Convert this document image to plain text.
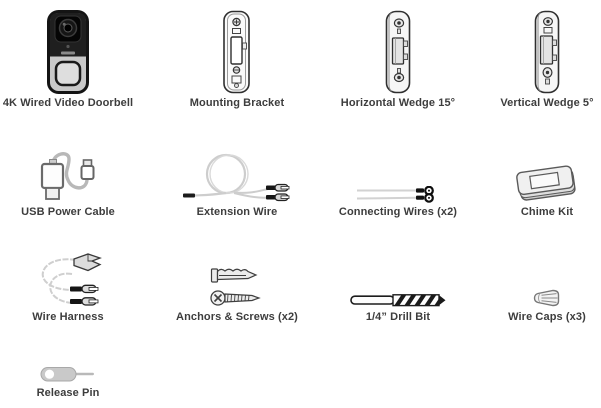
4K Wired Video Doorbell	Mounting Bracket	Horizontal Wedge 15°	Vertical Wedge 5°
USB Power Cable	Extension Wire	Connecting Wires (x2)	Chime Kit
Wire Harness	Anchors & Screws (x2)	1/4” Drill Bit	Wire Caps (x3)
Release Pin
